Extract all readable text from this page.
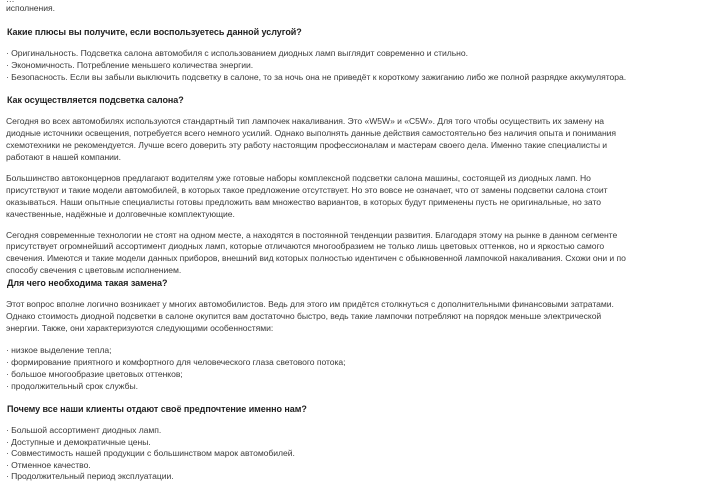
исполнения.
Какие плюсы вы получите, если воспользуетесь данной услугой?
· Оригинальность. Подсветка салона автомобиля с использованием диодных ламп выглядит современно и стильно.
· Экономичность. Потребление меньшего количества энергии.
· Безопасность. Если вы забыли выключить подсветку в салоне, то за ночь она не приведёт к короткому зажиганию либо же полной разрядке аккумулятора.
Как осуществляется подсветка салона?
Сегодня во всех автомобилях используются стандартный тип лампочек накаливания. Это «W5W» и «C5W». Для того чтобы осуществить их замену на
диодные источники освещения, потребуется всего немного усилий. Однако выполнять данные действия самостоятельно без наличия опыта и понимания
схемотехники не рекомендуется. Лучше всего доверить эту работу настоящим профессионалам и мастерам своего дела. Именно такие специалисты и
работают в нашей компании.
Большинство автоконцернов предлагают водителям уже готовые наборы комплексной подсветки салона машины, состоящей из диодных ламп. Но
присутствуют и такие модели автомобилей, в которых такое предложение отсутствует. Но это вовсе не означает, что от замены подсветки салона стоит
оказываться. Наши опытные специалисты готовы предложить вам множество вариантов, в которых будут применены пусть не оригинальные, но зато
качественные, надёжные и долговечные комплектующие.
Сегодня современные технологии не стоят на одном месте, а находятся в постоянной тенденции развития. Благодаря этому на рынке в данном сегменте
присутствует огромнейший ассортимент диодных ламп, которые отличаются многообразием не только лишь цветовых оттенков, но и яркостью самого
свечения. Имеются и такие модели данных приборов, внешний вид которых полностью идентичен с обыкновенной лампочкой накаливания. Схожи они и по
способу свечения с цветовым исполнением.
Для чего необходима такая замена?
Этот вопрос вполне логично возникает у многих автомобилистов. Ведь для этого им придётся столкнуться с дополнительными финансовыми затратами.
Однако стоимость диодной подсветки в салоне окупится вам достаточно быстро, ведь такие лампочки потребляют на порядок меньше электрической
энергии. Также, они характеризуются следующими особенностями:
· низкое выделение тепла;
· формирование приятного и комфортного для человеческого глаза светового потока;
· большое многообразие цветовых оттенков;
· продолжительный срок службы.
Почему все наши клиенты отдают своё предпочтение именно нам?
· Большой ассортимент диодных ламп.
· Доступные и демократичные цены.
· Совместимость нашей продукции с большинством марок автомобилей.
· Отменное качество.
· Продолжительный период эксплуатации.
